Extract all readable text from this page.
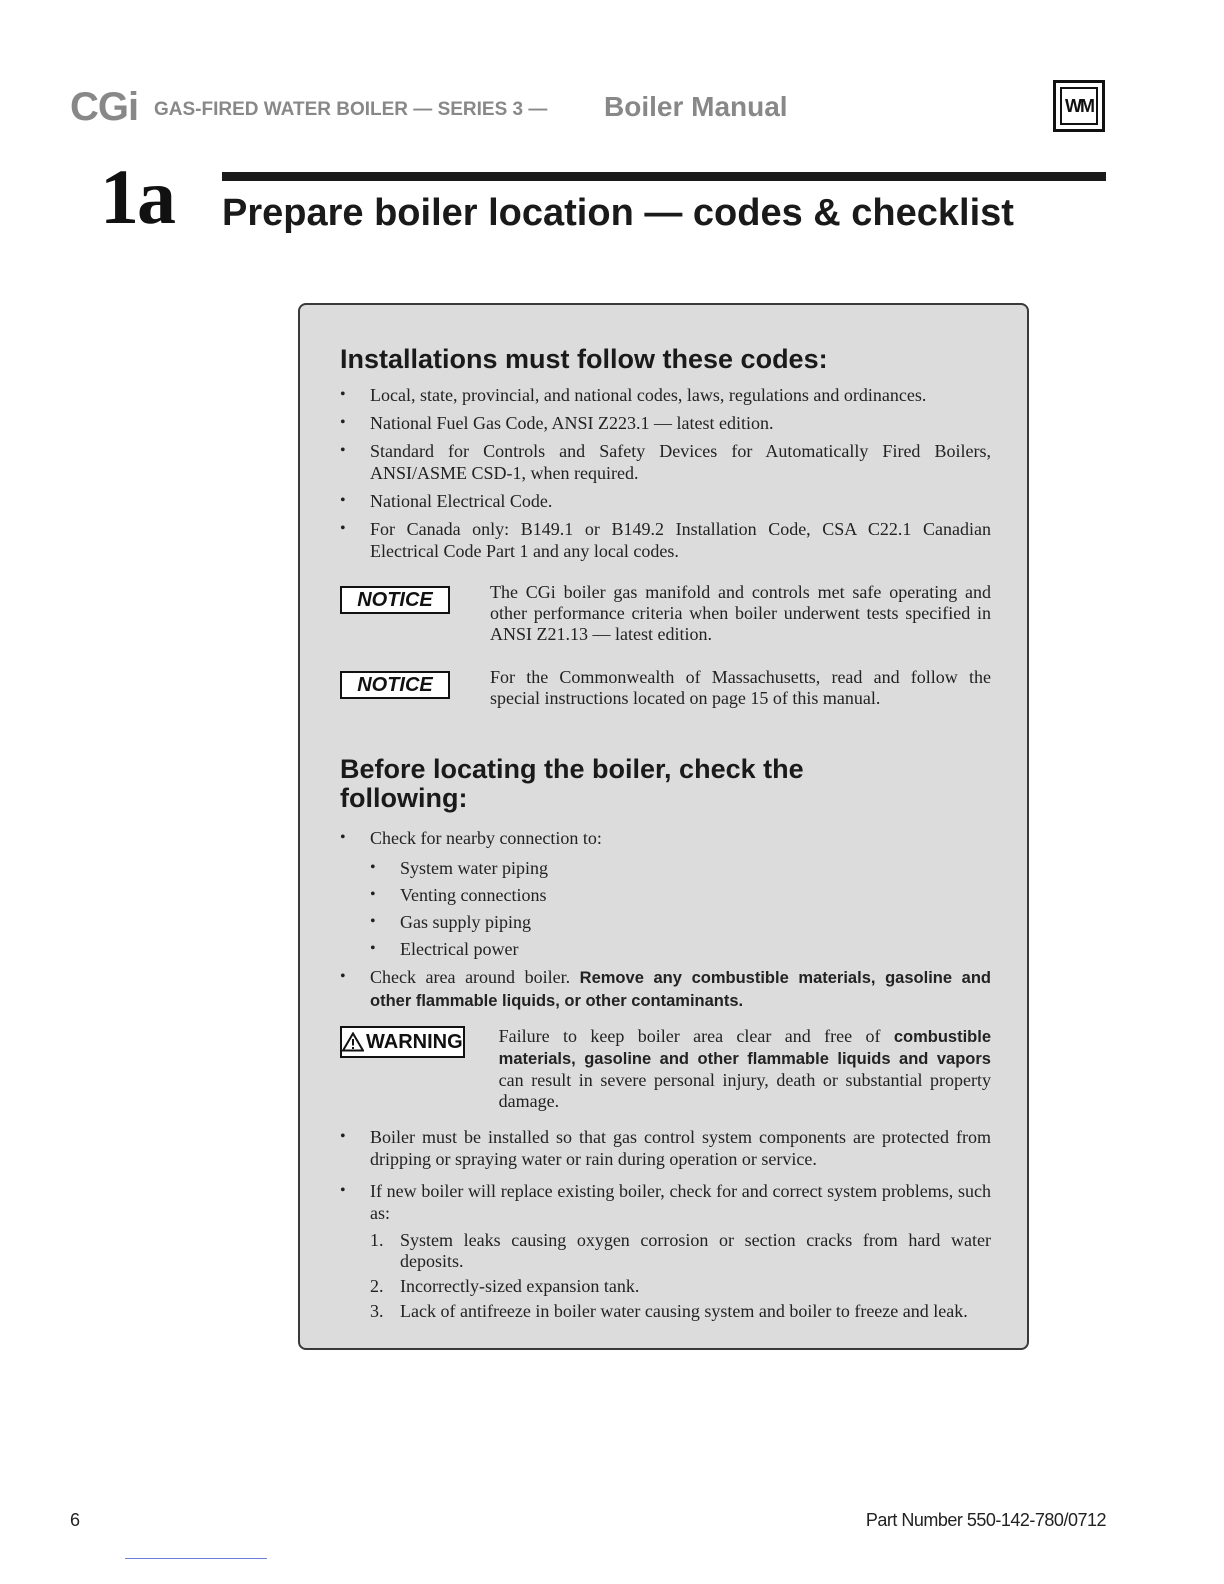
CGi GAS-FIRED WATER BOILER — SERIES 3 — Boiler Manual	WM
1a Prepare boiler location — codes & checklist
Installations must follow these codes:
• Local, state, provincial, and national codes, laws, regulations and ordinances.
• National Fuel Gas Code, ANSI Z223.1 — latest edition.
• Standard for Controls and Safety Devices for Automatically Fired Boilers, ANSI/ASME CSD-1, when required.
• National Electrical Code.
• For Canada only: B149.1 or B149.2 Installation Code, CSA C22.1 Canadian Electrical Code Part 1 and any local codes.
NOTICE	The CGi boiler gas manifold and controls met safe operating and other performance criteria when boiler underwent tests specified in ANSI Z21.13 — latest edition.
NOTICE	For the Commonwealth of Massachusetts, read and follow the special instructions located on page 15 of this manual.
Before locating the boiler, check the following:
• Check for nearby connection to:
• System water piping
• Venting connections
• Gas supply piping
• Electrical power
• Check area around boiler. Remove any combustible materials, gasoline and other flammable liquids, or other contaminants.
WARNING Failure to keep boiler area clear and free of combustible materials, gasoline and other flammable liquids and vapors can result in severe personal injury, death or substantial property damage.
• Boiler must be installed so that gas control system components are protected from dripping or spraying water or rain during operation or service.
• If new boiler will replace existing boiler, check for and correct system problems, such as:
1. System leaks causing oxygen corrosion or section cracks from hard water deposits.
2. Incorrectly-sized expansion tank.
3. Lack of antifreeze in boiler water causing system and boiler to freeze and leak.
6	Part Number 550-142-780/0712
